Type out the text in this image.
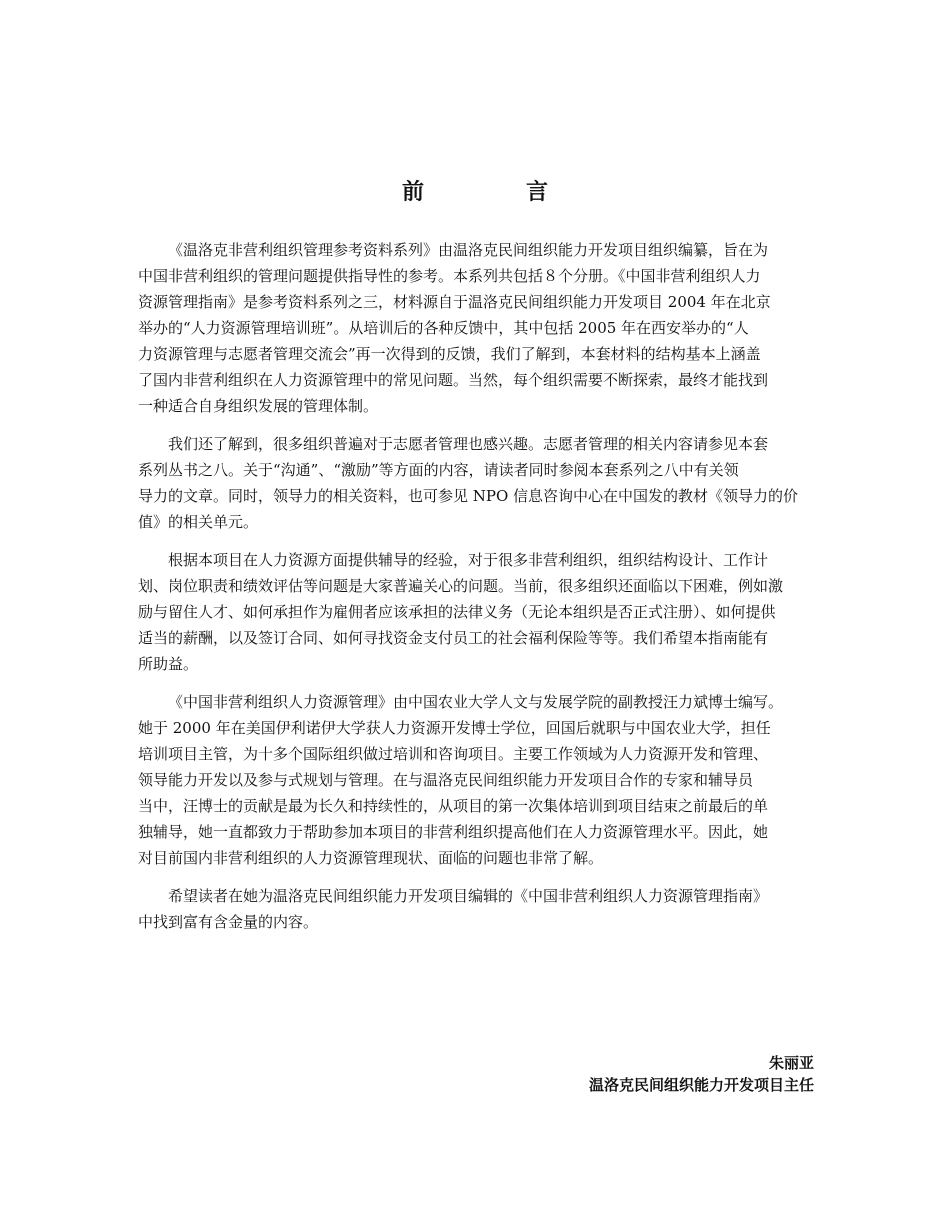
前　言

《温洛克非营利组织管理参考资料系列》由温洛克民间组织能力开发项目组织编纂，旨在为
中国非营利组织的管理问题提供指导性的参考。本系列共包括８个分册。《中国非营利组织人力
资源管理指南》是参考资料系列之三，材料源自于温洛克民间组织能力开发项目 2004 年在北京
举办的“人力资源管理培训班”。从培训后的各种反馈中，其中包括 2005 年在西安举办的“人
力资源管理与志愿者管理交流会”再一次得到的反馈，我们了解到，本套材料的结构基本上涵盖
了国内非营利组织在人力资源管理中的常见问题。当然，每个组织需要不断探索，最终才能找到
一种适合自身组织发展的管理体制。

我们还了解到，很多组织普遍对于志愿者管理也感兴趣。志愿者管理的相关内容请参见本套
系列丛书之八。关于“沟通”、“激励”等方面的内容，请读者同时参阅本套系列之八中有关领
导力的文章。同时，领导力的相关资料，也可参见 NPO 信息咨询中心在中国发的教材《领导力的价
值》的相关单元。

根据本项目在人力资源方面提供辅导的经验，对于很多非营利组织，组织结构设计、工作计
划、岗位职责和绩效评估等问题是大家普遍关心的问题。当前，很多组织还面临以下困难，例如激
励与留住人才、如何承担作为雇佣者应该承担的法律义务（无论本组织是否正式注册）、如何提供
适当的薪酬，以及签订合同、如何寻找资金支付员工的社会福利保险等等。我们希望本指南能有
所助益。

《中国非营利组织人力资源管理》由中国农业大学人文与发展学院的副教授汪力斌博士编写。
她于 2000 年在美国伊利诺伊大学获人力资源开发博士学位，回国后就职与中国农业大学，担任
培训项目主管，为十多个国际组织做过培训和咨询项目。主要工作领域为人力资源开发和管理、
领导能力开发以及参与式规划与管理。在与温洛克民间组织能力开发项目合作的专家和辅导员
当中，汪博士的贡献是最为长久和持续性的，从项目的第一次集体培训到项目结束之前最后的单
独辅导，她一直都致力于帮助参加本项目的非营利组织提高他们在人力资源管理水平。因此，她
对目前国内非营利组织的人力资源管理现状、面临的问题也非常了解。

希望读者在她为温洛克民间组织能力开发项目编辑的《中国非营利组织人力资源管理指南》
中找到富有含金量的内容。

朱丽亚
温洛克民间组织能力开发项目主任
